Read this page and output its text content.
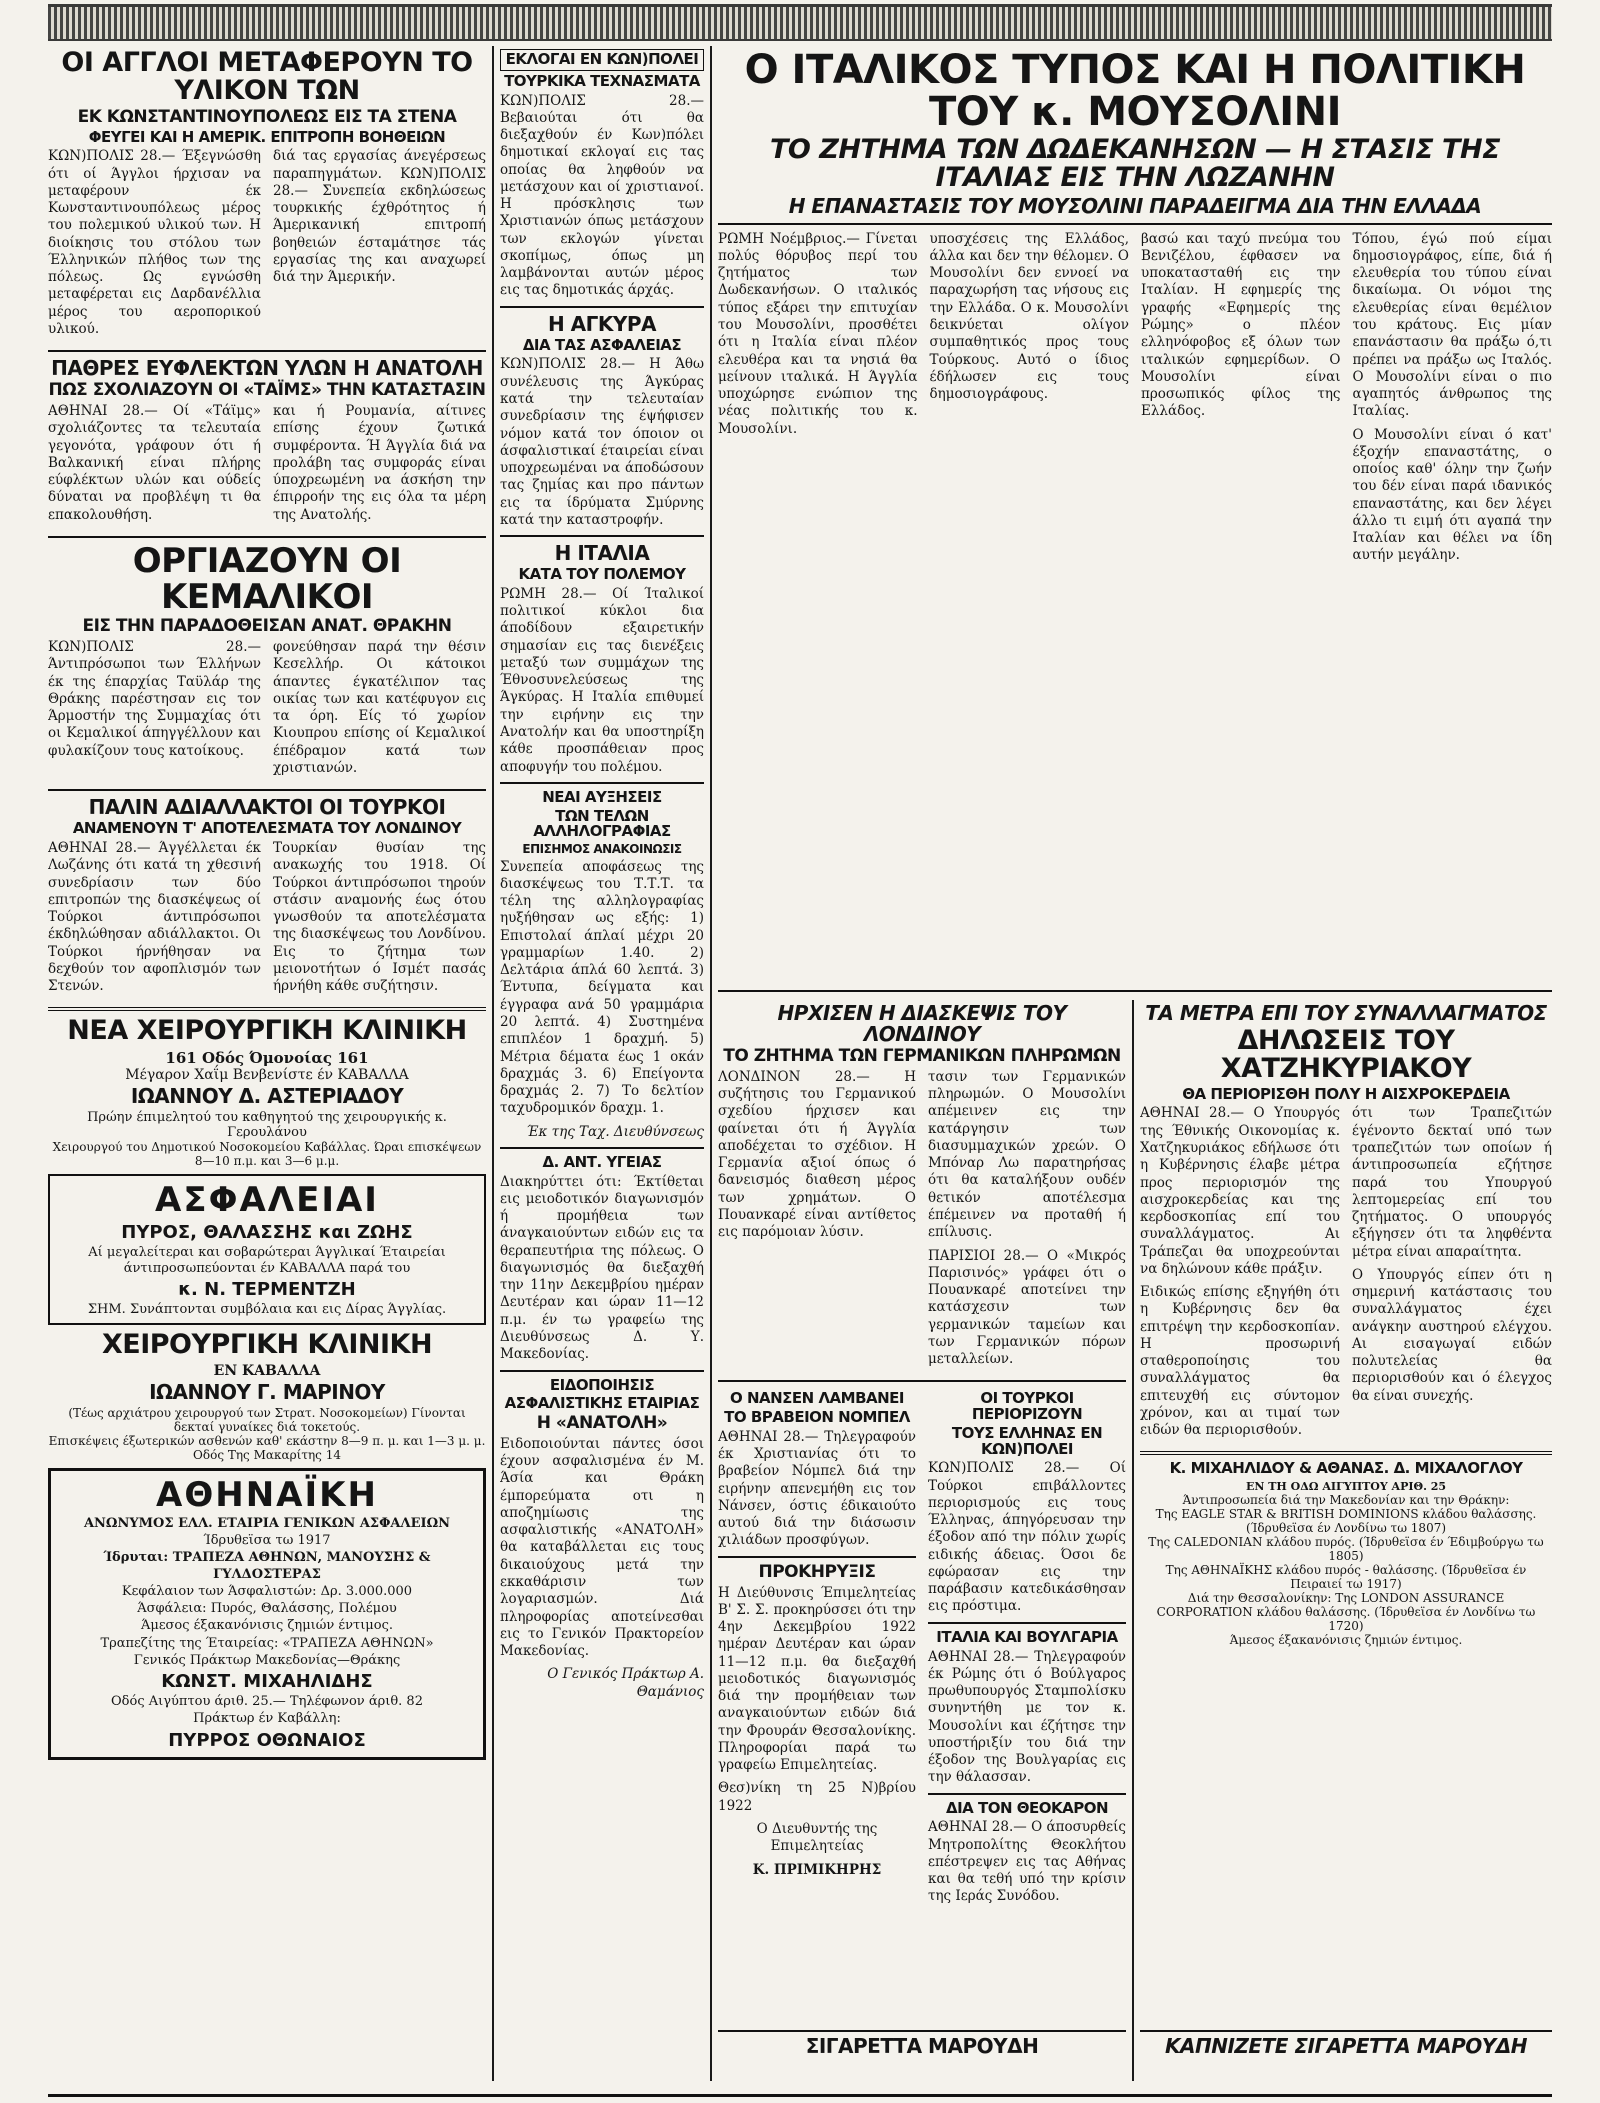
ΟΙ ΑΓΓΛΟΙ ΜΕΤΑΦΕΡΟΥΝ ΤΟ ΥΛΙΚΟΝ ΤΩΝ
ΕΚ ΚΩΝΣΤΑΝΤΙΝΟΥΠΟΛΕΩΣ ΕΙΣ ΤΑ ΣΤΕΝΑ
ΦΕΥΓΕΙ ΚΑΙ Η ΑΜΕΡΙΚ. ΕΠΙΤΡΟΠΗ ΒΟΗΘΕΙΩΝ

ΚΩΝ)ΠΟΛΙΣ 28.— Έξεγνώσθη ότι οί Άγγλοι ήρχισαν να μεταφέρουν έκ Κωνσταντινουπόλεως μέρος του πολεμικού υλικού των. Η διοίκησις του στόλου των Έλληνικών πλήθος των της πόλεως. Ως εγνώσθη μεταφέρεται εις Δαρδανέλλια μέρος του αεροπορικού υλικού.

διά τας εργασίας άνεγέρσεως παραπηγμάτων. ΚΩΝ)ΠΟΛΙΣ 28.— Συνεπεία εκδηλώσεως τουρκικής έχθρότητος ή Άμερικανική επιτροπή βοηθειών έσταμάτησε τάς εργασίας της και αναχωρεί διά την Άμερικήν.

ΠΑΘΡΕΣ ΕΥΦΛΕΚΤΩΝ ΥΛΩΝ Η ΑΝΑΤΟΛΗ
ΠΩΣ ΣΧΟΛΙΑΖΟΥΝ ΟΙ «ΤΑΪΜΣ» ΤΗΝ ΚΑΤΑΣΤΑΣΙΝ

ΑΘΗΝΑΙ 28.— Οί «Τάϊμς» σχολιάζοντες τα τελευταία γεγονότα, γράφουν ότι ή Βαλκανική είναι πλήρης εύφλέκτων υλών και ούδείς δύναται να προβλέψη τι θα επακολουθήση.

και ή Ρουμανία, αίτινες επίσης έχουν ζωτικά συμφέροντα. Ή Άγγλία διά να προλάβη τας συμφοράς είναι ύποχρεωμένη να άσκήση την έπιρροήν της εις όλα τα μέρη της Ανατολής.

ΟΡΓΙΑΖΟΥΝ ΟΙ ΚΕΜΑΛΙΚΟΙ
ΕΙΣ ΤΗΝ ΠΑΡΑΔΟΘΕΙΣΑΝ ΑΝΑΤ. ΘΡΑΚΗΝ

ΚΩΝ)ΠΟΛΙΣ 28.— Άντιπρόσωποι των Έλλήνων έκ της έπαρχίας Ταϋλάρ της Θράκης παρέστησαν εις τον Άρμοστήν της Συμμαχίας ότι οι Κεμαλικοί άπηγγέλλουν και φυλακίζουν τους κατοίκους.

φονεύθησαν παρά την θέσιν Κεσελλήρ. Οι κάτοικοι άπαντες έγκατέλιπον τας οικίας των και κατέφυγον εις τα όρη. Είς τό χωρίον Κιουπρου επίσης οί Κεμαλικοί έπέδραμον κατά των χριστιανών.

ΠΑΛΙΝ ΑΔΙΑΛΛΑΚΤΟΙ ΟΙ ΤΟΥΡΚΟΙ
ΑΝΑΜΕΝΟΥΝ Τ' ΑΠΟΤΕΛΕΣΜΑΤΑ ΤΟΥ ΛΟΝΔΙΝΟΥ

ΑΘΗΝΑΙ 28.— Άγγέλλεται έκ Λωζάνης ότι κατά τη χθεσινή συνεδρίασιν των δύο επιτροπών της διασκέψεως οί Τούρκοι άντιπρόσωποι έκδηλώθησαν αδιάλλακτοι. Οι Τούρκοι ήρνήθησαν να δεχθούν τον αφοπλισμόν των Στενών.

Τουρκίαν θυσίαν της ανακωχής του 1918. Οί Τούρκοι άντιπρόσωποι τηρούν στάσιν αναμονής έως ότου γνωσθούν τα αποτελέσματα της διασκέψεως του Λονδίνου. Εις το ζήτημα των μειονοτήτων ό Ισμέτ πασάς ήρνήθη κάθε συζήτησιν.

ΝΕΑ ΧΕΙΡΟΥΡΓΙΚΗ ΚΛΙΝΙΚΗ
161 Οδός Όμονοίας 161
Μέγαρον Χαΐμ Βενβενίστε έν ΚΑΒΑΛΛΑ
ΙΩΑΝΝΟΥ Δ. ΑΣΤΕΡΙΑΔΟΥ
Πρώην έπιμελητού του καθηγητού της χειρουργικής κ. Γερουλάνου
Χειρουργού του Δημοτικού Νοσοκομείου Καβάλλας. Ώραι επισκέψεων 8—10 π.μ. και 3—6 μ.μ.
ΑΣΦΑΛΕΙΑΙ
ΠΥΡΟΣ, ΘΑΛΑΣΣΗΣ και ΖΩΗΣ
Αί μεγαλείτεραι και σοβαρώτεραι Άγγλικαί Έταιρείαι άντιπροσωπεύονται έν ΚΑΒΑΛΛΑ παρά του
κ. Ν. ΤΕΡΜΕΝΤΖΗ
ΣΗΜ. Συνάπτονται συμβόλαια και εις Δίρας Άγγλίας.
ΧΕΙΡΟΥΡΓΙΚΗ ΚΛΙΝΙΚΗ
ΕΝ ΚΑΒΑΛΛΑ
ΙΩΑΝΝΟΥ Γ. ΜΑΡΙΝΟΥ
(Τέως αρχιάτρου χειρουργού των Στρατ. Νοσοκομείων) Γίνονται δεκταί γυναίκες διά τοκετούς.
Επισκέψεις έξωτερικών ασθενών καθ' εκάστην 8—9 π. μ. και 1—3 μ. μ. Οδός Της Μακαρίτης 14
ΑΘΗΝΑΪΚΗ
ΑΝΩΝΥΜΟΣ ΕΛΛ. ΕΤΑΙΡΙΑ ΓΕΝΙΚΩΝ ΑΣΦΑΛΕΙΩΝ
Ίδρυθεϊσα τω 1917
Ίδρυται: ΤΡΑΠΕΖΑ ΑΘΗΝΩΝ, ΜΑΝΟΥΣΗΣ & ΓΥΛΔΟΣΤΕΡΑΣ
Κεφάλαιον των Άσφαλιστών: Δρ. 3.000.000
Άσφάλεια: Πυρός, Θαλάσσης, Πολέμου
Άμεσος έξακανόνισις ζημιών έντιμος.
Τραπεζίτης της Έταιρείας: «ΤΡΑΠΕΖΑ ΑΘΗΝΩΝ»
Γενικός Πράκτωρ Μακεδονίας—Θράκης
ΚΩΝΣΤ. ΜΙΧΑΗΛΙΔΗΣ
Οδός Αιγύπτου άριθ. 25.— Τηλέφωνον άριθ. 82
Πράκτωρ έν Καβάλλη:
ΠΥΡΡΟΣ ΟΘΩΝΑΙΟΣ
ΕΚΛΟΓΑΙ ΕΝ ΚΩΝ)ΠΟΛΕΙ
ΤΟΥΡΚΙΚΑ ΤΕΧΝΑΣΜΑΤΑ

ΚΩΝ)ΠΟΛΙΣ 28.— Βεβαιούται ότι θα διεξαχθούν έν Κων)πόλει δημοτικαί εκλογαί εις τας οποίας θα ληφθούν να μετάσχουν και οί χριστιανοί. Η πρόσκλησις των Χριστιανών όπως μετάσχουν των εκλογών γίνεται σκοπίμως, όπως μη λαμβάνονται αυτών μέρος εις τας δημοτικάς άρχάς.

Η ΑΓΚΥΡΑ
ΔΙΑ ΤΑΣ ΑΣΦΑΛΕΙΑΣ

ΚΩΝ)ΠΟΛΙΣ 28.— Η Άθω συνέλευσις της Άγκύρας κατά την τελευταίαν συνεδρίασιν της έψήφισεν νόμον κατά τον όποιον οι άσφαλιστικαί έταιρείαι είναι υποχρεωμέναι να άποδώσουν τας ζημίας και προ πάντων εις τα ίδρύματα Σμύρνης κατά την καταστροφήν.

Η ΙΤΑΛΙΑ
ΚΑΤΑ ΤΟΥ ΠΟΛΕΜΟΥ

ΡΩΜΗ 28.— Οί Ίταλικοί πολιτικοί κύκλοι δια άποδίδουν εξαιρετικήν σημασίαν εις τας διενέξεις μεταξύ των συμμάχων της Έθνοσυνελεύσεως της Άγκύρας. Η Ιταλία επιθυμεί την ειρήνην εις την Ανατολήν και θα υποστηρίξη κάθε προσπάθειαν προς αποφυγήν του πολέμου.

ΝΕΑΙ ΑΥΞΗΣΕΙΣ
ΤΩΝ ΤΕΛΩΝ ΑΛΛΗΛΟΓΡΑΦΙΑΣ
ΕΠΙΣΗΜΟΣ ΑΝΑΚΟΙΝΩΣΙΣ

Συνεπεία αποφάσεως της διασκέψεως του Τ.Τ.Τ. τα τέλη της αλληλογραφίας ηυξήθησαν ως εξής: 1) Επιστολαί άπλαί μέχρι 20 γραμμαρίων 1.40. 2) Δελτάρια άπλά 60 λεπτά. 3) Έντυπα, δείγματα και έγγραφα ανά 50 γραμμάρια 20 λεπτά. 4) Συστημένα επιπλέον 1 δραχμή. 5) Μέτρια δέματα έως 1 οκάν δραχμάς 3. 6) Επείγοντα δραχμάς 2. 7) Το δελτίον ταχυδρομικόν δραχμ. 1.

Έκ της Ταχ. Διευθύνσεως

Δ. ΑΝΤ. ΥΓΕΙΑΣ

Διακηρύττει ότι: Έκτίθεται εις μειοδοτικόν διαγωνισμόν ή προμήθεια των άναγκαιούντων ειδών εις τα θεραπευτήρια της πόλεως. Ο διαγωνισμός θα διεξαχθή την 11ην Δεκεμβρίου ημέραν Δευτέραν και ώραν 11—12 π.μ. έν τω γραφείω της Διευθύνσεως Δ. Υ. Μακεδονίας.

ΕΙΔΟΠΟΙΗΣΙΣ
ΑΣΦΑΛΙΣΤΙΚΗΣ ΕΤΑΙΡΙΑΣ
Η «ΑΝΑΤΟΛΗ»

Ειδοποιούνται πάντες όσοι έχουν ασφαλισμένα έν Μ. Άσία και Θράκη έμπορεύματα οτι η αποζημίωσις της ασφαλιστικής «ΑΝΑΤΟΛΗ» θα καταβάλλεται εις τους δικαιούχους μετά την εκκαθάρισιν των λογαριασμών. Διά πληροφορίας αποτείνεσθαι εις το Γενικόν Πρακτορείον Μακεδονίας.

Ο Γενικός Πράκτωρ Α. Θαμάνιος

Ο ΙΤΑΛΙΚΟΣ ΤΥΠΟΣ ΚΑΙ Η ΠΟΛΙΤΙΚΗ ΤΟΥ κ. ΜΟΥΣΟΛΙΝΙ
ΤΟ ΖΗΤΗΜΑ ΤΩΝ ΔΩΔΕΚΑΝΗΣΩΝ — Η ΣΤΑΣΙΣ ΤΗΣ ΙΤΑΛΙΑΣ ΕΙΣ ΤΗΝ ΛΩΖΑΝΗΝ
Η ΕΠΑΝΑΣΤΑΣΙΣ ΤΟΥ ΜΟΥΣΟΛΙΝΙ ΠΑΡΑΔΕΙΓΜΑ ΔΙΑ ΤΗΝ ΕΛΛΑΔΑ

ΡΩΜΗ Νοέμβριος.— Γίνεται πολύς θόρυβος περί του ζητήματος των Δωδεκανήσων. Ο ιταλικός τύπος εξάρει την επιτυχίαν του Μουσολίνι, προσθέτει ότι η Ιταλία είναι πλέον ελευθέρα και τα νησιά θα μείνουν ιταλικά. Η Άγγλία υποχώρησε ενώπιον της νέας πολιτικής του κ. Μουσολίνι.

υποσχέσεις της Ελλάδος, άλλα και δεν την θέλομεν. Ο Μουσολίνι δεν εννοεί να παραχωρήση τας νήσους εις την Ελλάδα. Ο κ. Μουσολίνι δεικνύεται ολίγον συμπαθητικός προς τους Τούρκους. Αυτό ο ίδιος έδήλωσεν εις τους δημοσιογράφους.

βασώ και ταχύ πνεύμα του Βενιζέλου, έφθασεν να υποκατασταθή εις την Ιταλίαν. Η εφημερίς της γραφής «Εφημερίς της Ρώμης» ο πλέον ελληνόφοβος εξ όλων των ιταλικών εφημερίδων. Ο Μουσολίνι είναι προσωπικός φίλος της Ελλάδος.

Τόπου, έγώ πού είμαι δημοσιογράφος, είπε, διά ή ελευθερία του τύπου είναι δικαίωμα. Οι νόμοι της ελευθερίας είναι θεμέλιον του κράτους. Εις μίαν επανάστασιν θα πράξω ό,τι πρέπει να πράξω ως Ιταλός. Ο Μουσολίνι είναι ο πιο αγαπητός άνθρωπος της Ιταλίας.

Ο Μουσολίνι είναι ό κατ' έξοχήν επαναστάτης, ο οποίος καθ' όλην την ζωήν του δέν είναι παρά ιδανικός επαναστάτης, και δεν λέγει άλλο τι ειμή ότι αγαπά την Ιταλίαν και θέλει να ίδη αυτήν μεγάλην.

ΗΡΧΙΣΕΝ Η ΔΙΑΣΚΕΨΙΣ ΤΟΥ ΛΟΝΔΙΝΟΥ
ΤΟ ΖΗΤΗΜΑ ΤΩΝ ΓΕΡΜΑΝΙΚΩΝ ΠΛΗΡΩΜΩΝ

ΛΟΝΔΙΝΟΝ 28.— Η συζήτησις του Γερμανικού σχεδίου ήρχισεν και φαίνεται ότι ή Άγγλία αποδέχεται το σχέδιον. Η Γερμανία αξιοί όπως ό δανεισμός διαθεση μέρος των χρημάτων. Ο Πουανκαρέ είναι αντίθετος εις παρόμοιαν λύσιν.

τασιν των Γερμανικών πληρωμών. Ο Μουσολίνι απέμεινεν εις την κατάργησιν των διασυμμαχικών χρεών. Ο Μπόναρ Λω παρατηρήσας ότι θα καταλήξουν ουδέν θετικόν αποτέλεσμα έπέμεινεν να προταθή ή επίλυσις.

ΠΑΡΙΣΙΟΙ 28.— Ο «Μικρός Παρισινός» γράφει ότι ο Πουανκαρέ αποτείνει την κατάσχεσιν των γερμανικών ταμείων και των Γερμανικών πόρων μεταλλείων.

Ο ΝΑΝΣΕΝ ΛΑΜΒΑΝΕΙ
ΤΟ ΒΡΑΒΕΙΟΝ ΝΟΜΠΕΛ

ΑΘΗΝΑΙ 28.— Τηλεγραφούν έκ Χριστιανίας ότι το βραβείον Νόμπελ διά την ειρήνην απενεμήθη εις τον Νάνσεν, όστις έδικαιούτο αυτού διά την διάσωσιν χιλιάδων προσφύγων.

ΠΡΟΚΗΡΥΞΙΣ

Η Διεύθυνσις Έπιμελητείας Β' Σ. Σ. προκηρύσσει ότι την 4ην Δεκεμβρίου 1922 ημέραν Δευτέραν και ώραν 11—12 π.μ. θα διεξαχθή μειοδοτικός διαγωνισμός διά την προμήθειαν των αναγκαιούντων ειδών διά την Φρουράν Θεσσαλονίκης. Πληροφορίαι παρά τω γραφείω Επιμελητείας.

Θεσ)νίκη τη 25 Ν)βρίου 1922

Ο Διευθυντής της Επιμελητείας

Κ. ΠΡΙΜΙΚΗΡΗΣ

ΟΙ ΤΟΥΡΚΟΙ ΠΕΡΙΟΡΙΖΟΥΝ
ΤΟΥΣ ΕΛΛΗΝΑΣ ΕΝ ΚΩΝ)ΠΟΛΕΙ

ΚΩΝ)ΠΟΛΙΣ 28.— Οί Τούρκοι επιβάλλοντες περιορισμούς εις τους Έλληνας, άπηγόρευσαν την έξοδον από την πόλιν χωρίς ειδικής άδειας. Όσοι δε εφώρασαν εις την παράβασιν κατεδικάσθησαν εις πρόστιμα.

ΙΤΑΛΙΑ ΚΑΙ ΒΟΥΛΓΑΡΙΑ

ΑΘΗΝΑΙ 28.— Τηλεγραφούν έκ Ρώμης ότι ό Βούλγαρος πρωθυπουργός Σταμπολίσκυ συνηντήθη με τον κ. Μουσολίνι και έζήτησε την υποστήριξίν του διά την έξοδον της Βουλγαρίας εις την θάλασσαν.

ΔΙΑ ΤΟΝ ΘΕΟΚΑΡΟΝ

ΑΘΗΝΑΙ 28.— Ο άποσυρθείς Μητροπολίτης Θεοκλήτου επέστρεψεν εις τας Αθήνας και θα τεθή υπό την κρίσιν της Ιεράς Συνόδου.

ΣΙΓΑΡΕΤΤΑ ΜΑΡΟΥΔΗ
ΤΑ ΜΕΤΡΑ ΕΠΙ ΤΟΥ ΣΥΝΑΛΛΑΓΜΑΤΟΣ
ΔΗΛΩΣΕΙΣ ΤΟΥ ΧΑΤΖΗΚΥΡΙΑΚΟΥ
ΘΑ ΠΕΡΙΟΡΙΣΘΗ ΠΟΛΥ Η ΑΙΣΧΡΟΚΕΡΔΕΙΑ

ΑΘΗΝΑΙ 28.— Ο Υπουργός της Έθνικής Οικονομίας κ. Χατζηκυριάκος εδήλωσε ότι η Κυβέρνησις έλαβε μέτρα προς περιορισμόν της αισχροκερδείας και της κερδοσκοπίας επί του συναλλάγματος. Αι Τράπεζαι θα υποχρεούνται να δηλώνουν κάθε πράξιν.

Ειδικώς επίσης εξηγήθη ότι η Κυβέρνησις δεν θα επιτρέψη την κερδοσκοπίαν. Η προσωρινή σταθεροποίησις του συναλλάγματος θα επιτευχθή εις σύντομον χρόνον, και αι τιμαί των ειδών θα περιορισθούν.

ότι των Τραπεζιτών έγένοντο δεκταί υπό των τραπεζιτών των οποίων ή άντιπροσωπεία εζήτησε παρά του Υπουργού λεπτομερείας επί του ζητήματος. Ο υπουργός εξήγησεν ότι τα ληφθέντα μέτρα είναι απαραίτητα.

Ο Υπουργός είπεν ότι η σημερινή κατάστασις του συναλλάγματος έχει ανάγκην αυστηρού ελέγχου. Αι εισαγωγαί ειδών πολυτελείας θα περιορισθούν και ό έλεγχος θα είναι συνεχής.

Κ. ΜΙΧΑΗΛΙΔΟΥ & ΑΘΑΝΑΣ. Δ. ΜΙΧΑΛΟΓΛΟΥ
ΕΝ ΤΗ ΟΔΩ ΑΙΓΥΠΤΟΥ ΑΡΙΘ. 25
Άντιπροσωπεία διά την Μακεδονίαν και την Θράκην:
Της EAGLE STAR & BRITISH DOMINIONS κλάδου θαλάσσης. (Ίδρυθεϊσα έν Λονδίνω τω 1807)
Της CALEDONIAN κλάδου πυρός. (Ίδρυθεϊσα έν Έδιμβούργω τω 1805)
Της ΑΘΗΝΑΪΚΗΣ κλάδου πυρός - θαλάσσης. (Ίδρυθεϊσα έν Πειραιεί τω 1917)
Διά την Θεσσαλονίκην: Της LONDON ASSURANCE CORPORATION κλάδου θαλάσσης. (Ίδρυθεϊσα έν Λονδίνω τω 1720)
Άμεσος έξακανόνισις ζημιών έντιμος.
ΚΑΠΝΙΖΕΤΕ ΣΙΓΑΡΕΤΤΑ ΜΑΡΟΥΔΗ
